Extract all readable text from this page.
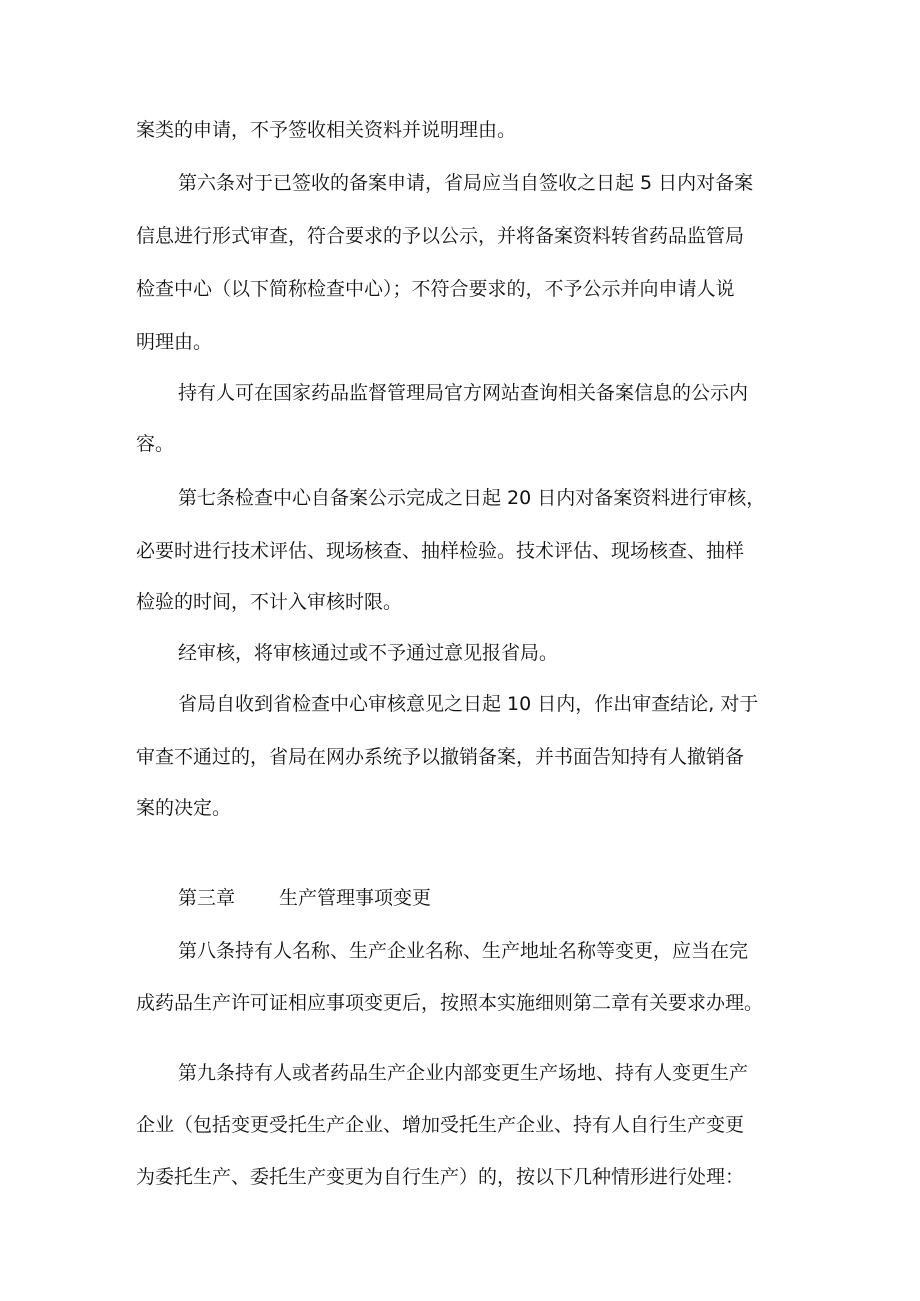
案类的申请，不予签收相关资料并说明理由。
第六条对于已签收的备案申请，省局应当自签收之日起 5 日内对备案
信息进行形式审查，符合要求的予以公示，并将备案资料转省药品监管局
检查中心（以下简称检查中心）；不符合要求的，不予公示并向申请人说
明理由。
持有人可在国家药品监督管理局官方网站查询相关备案信息的公示内
容。
第七条检查中心自备案公示完成之日起 20 日内对备案资料进行审核，
必要时进行技术评估、现场核查、抽样检验。技术评估、现场核查、抽样
检验的时间，不计入审核时限。
经审核，将审核通过或不予通过意见报省局。
省局自收到省检查中心审核意见之日起 10 日内，作出审查结论, 对于
审查不通过的，省局在网办系统予以撤销备案，并书面告知持有人撤销备
案的决定。
第三章 生产管理事项变更
第八条持有人名称、生产企业名称、生产地址名称等变更，应当在完
成药品生产许可证相应事项变更后，按照本实施细则第二章有关要求办理。
第九条持有人或者药品生产企业内部变更生产场地、持有人变更生产
企业（包括变更受托生产企业、增加受托生产企业、持有人自行生产变更
为委托生产、委托生产变更为自行生产）的，按以下几种情形进行处理：
